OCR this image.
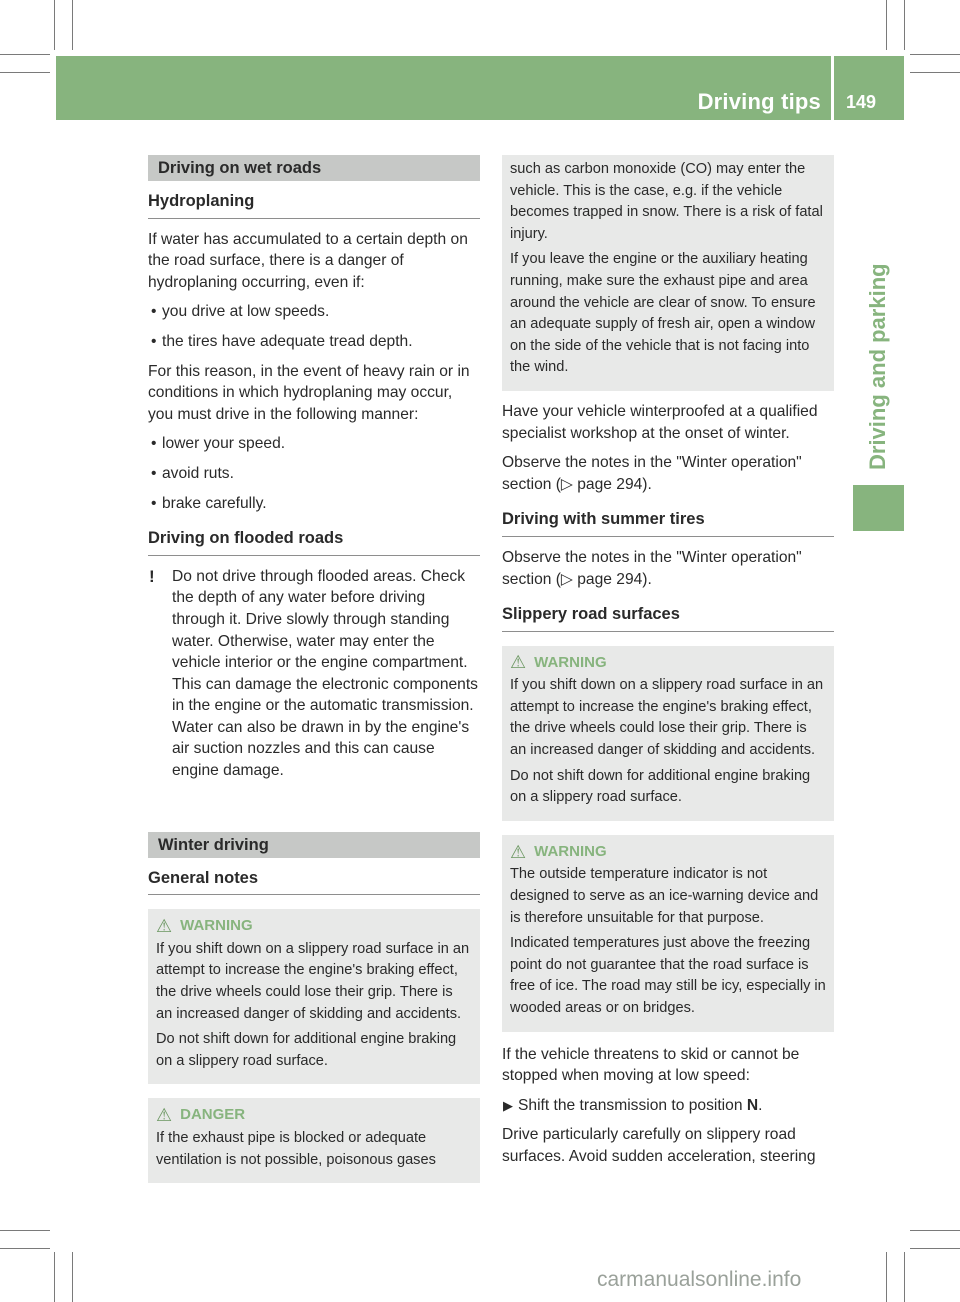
Driving tips 149
Driving and parking
Driving on wet roads
Hydroplaning

If water has accumulated to a certain depth on the road surface, there is a danger of hydroplaning occurring, even if:

• you drive at low speeds.
• the tires have adequate tread depth.

For this reason, in the event of heavy rain or in conditions in which hydroplaning may occur, you must drive in the following manner:

• lower your speed.
• avoid ruts.
• brake carefully.
Driving on flooded roads
! Do not drive through flooded areas. Check the depth of any water before driving through it. Drive slowly through standing water. Otherwise, water may enter the vehicle interior or the engine compartment. This can damage the electronic components in the engine or the automatic transmission. Water can also be drawn in by the engine's air suction nozzles and this can cause engine damage.
Winter driving
General notes
⚠ WARNING

If you shift down on a slippery road surface in an attempt to increase the engine's braking effect, the drive wheels could lose their grip. There is an increased danger of skidding and accidents.

Do not shift down for additional engine braking on a slippery road surface.

⚠ DANGER

If the exhaust pipe is blocked or adequate ventilation is not possible, poisonous gases

such as carbon monoxide (CO) may enter the vehicle. This is the case, e.g. if the vehicle becomes trapped in snow. There is a risk of fatal injury.

If you leave the engine or the auxiliary heating running, make sure the exhaust pipe and area around the vehicle are clear of snow. To ensure an adequate supply of fresh air, open a window on the side of the vehicle that is not facing into the wind.

Have your vehicle winterproofed at a qualified specialist workshop at the onset of winter.

Observe the notes in the "Winter operation" section (▷ page 294).

Driving with summer tires

Observe the notes in the "Winter operation" section (▷ page 294).

Slippery road surfaces
⚠ WARNING

If you shift down on a slippery road surface in an attempt to increase the engine's braking effect, the drive wheels could lose their grip. There is an increased danger of skidding and accidents.

Do not shift down for additional engine braking on a slippery road surface.

⚠ WARNING

The outside temperature indicator is not designed to serve as an ice-warning device and is therefore unsuitable for that purpose.

Indicated temperatures just above the freezing point do not guarantee that the road surface is free of ice. The road may still be icy, especially in wooded areas or on bridges.

If the vehicle threatens to skid or cannot be stopped when moving at low speed:

▶ Shift the transmission to position N.

Drive particularly carefully on slippery road surfaces. Avoid sudden acceleration, steering

carmanualsonline.info
